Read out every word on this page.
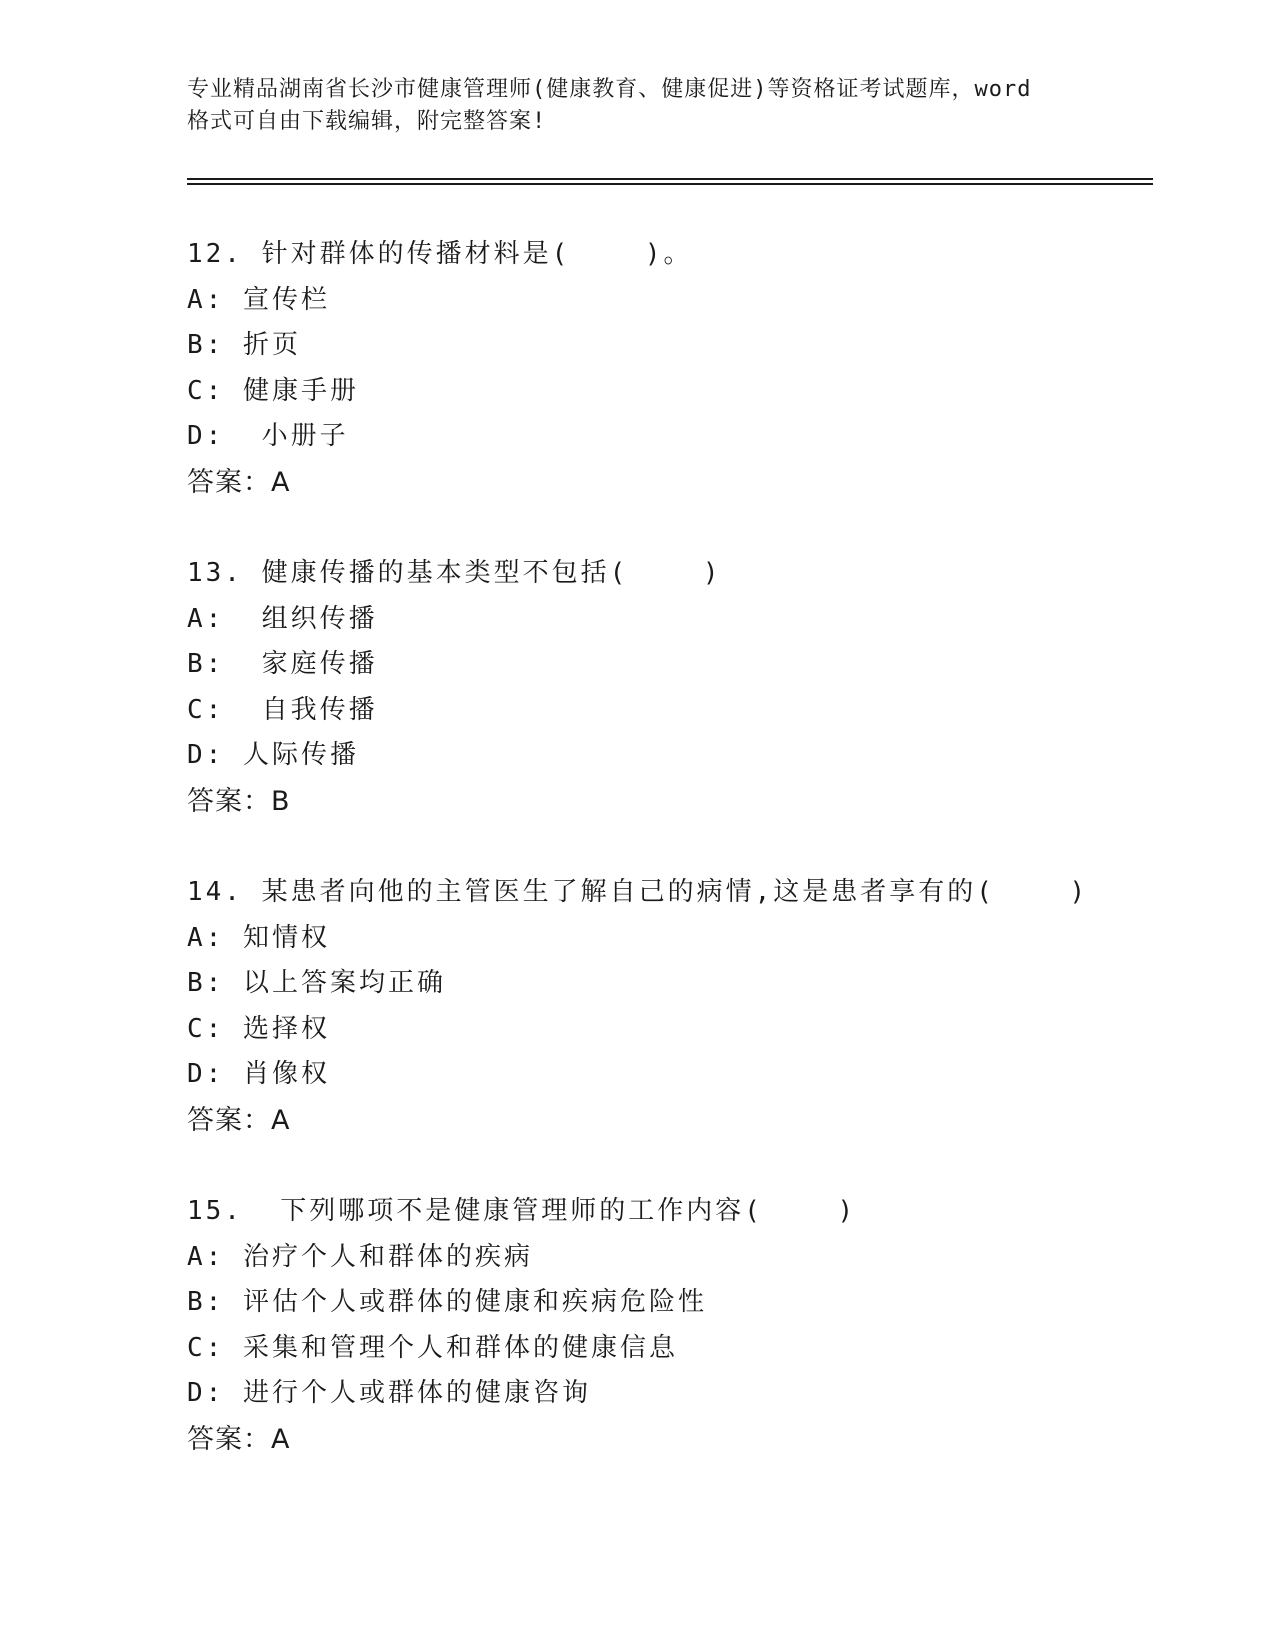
专业精品湖南省长沙市健康管理师(健康教育、健康促进)等资格证考试题库，word
格式可自由下载编辑，附完整答案!
12. 针对群体的传播材料是(    )。
A: 宣传栏
B: 折页
C: 健康手册
D:  小册子
答案：A
13. 健康传播的基本类型不包括(    )
A:  组织传播
B:  家庭传播
C:  自我传播
D: 人际传播
答案：B
14. 某患者向他的主管医生了解自己的病情,这是患者享有的(    )
A: 知情权
B: 以上答案均正确
C: 选择权
D: 肖像权
答案：A
15.  下列哪项不是健康管理师的工作内容(    )
A: 治疗个人和群体的疾病
B: 评估个人或群体的健康和疾病危险性
C: 采集和管理个人和群体的健康信息
D: 进行个人或群体的健康咨询
答案：A
